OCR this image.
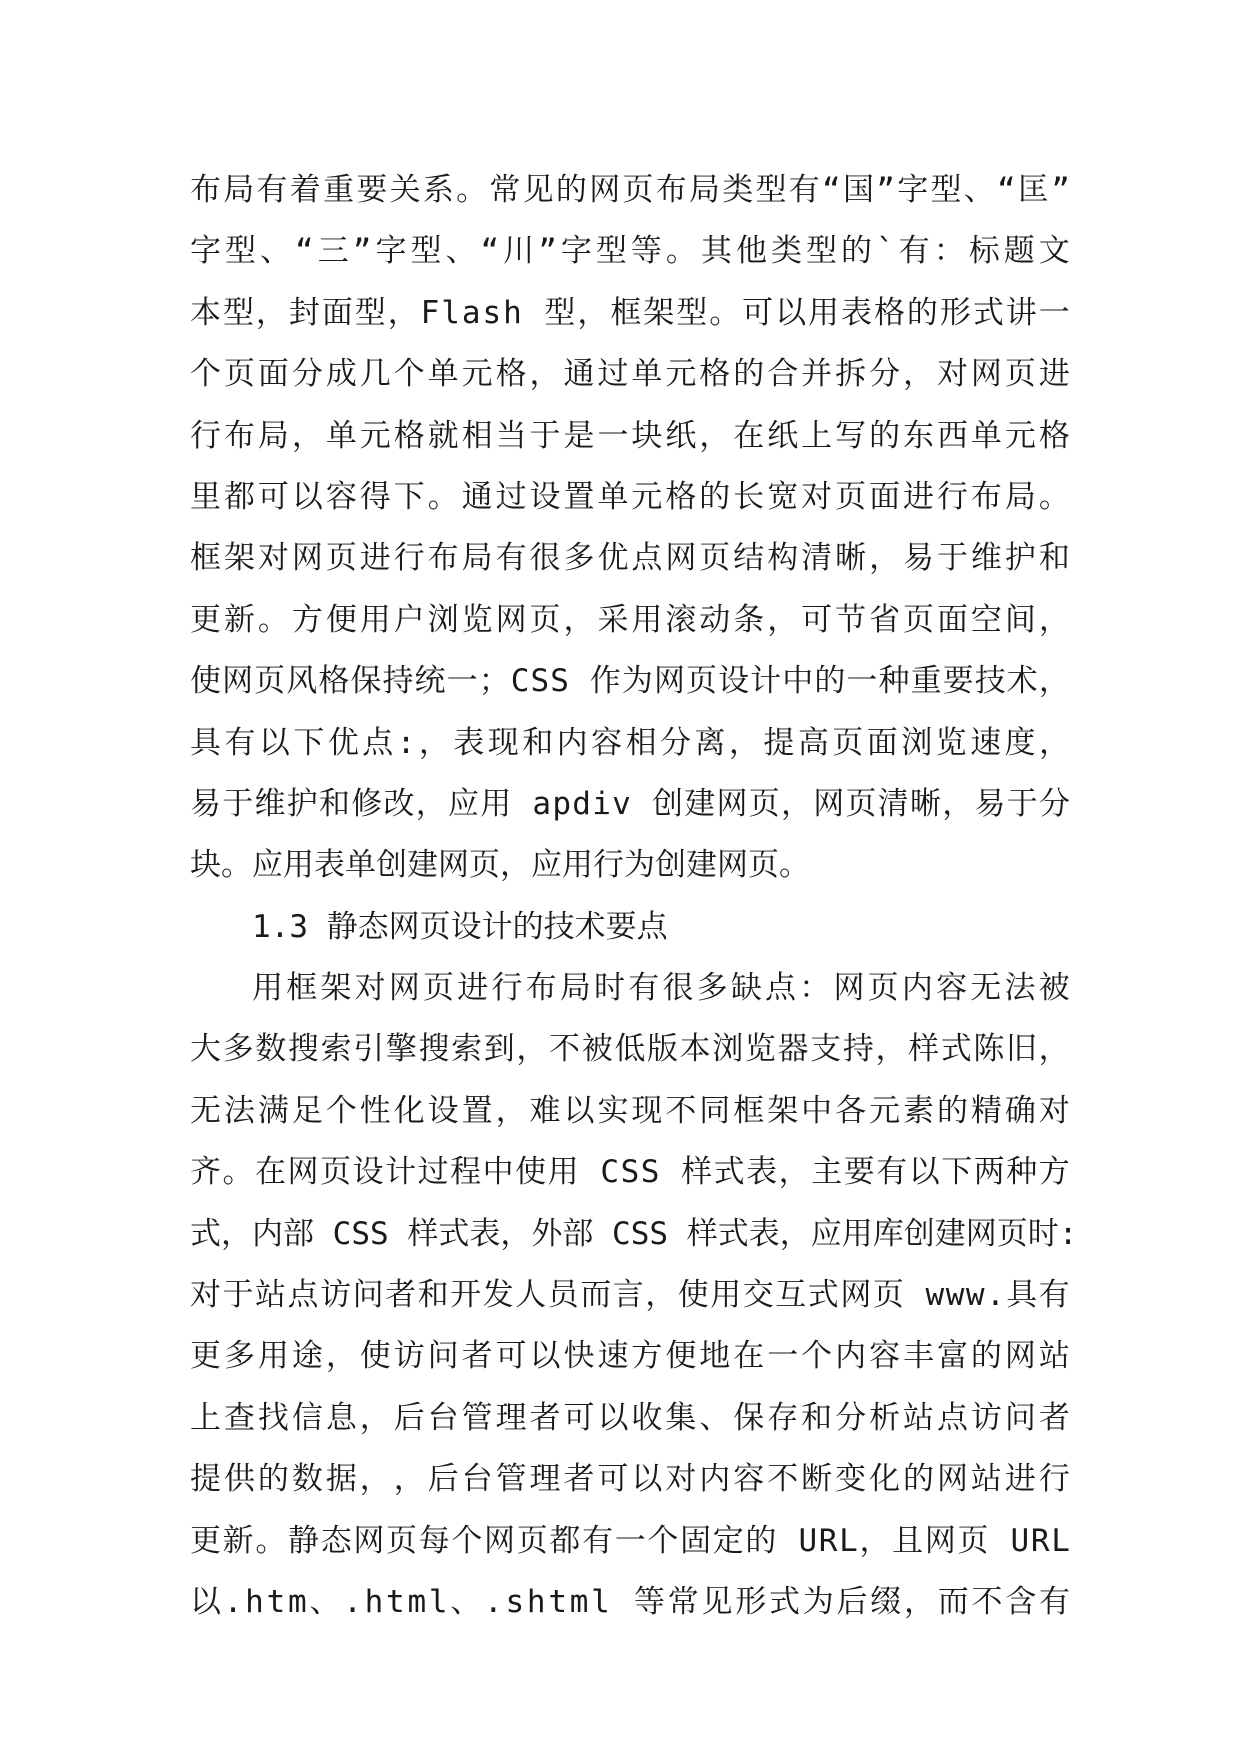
布 局 有 着 重 要 关 系 。 常 见 的 网 页 布 局 类 型 有 “ 国 ” 字 型 、 “ 匡 ”
字 型 、 “ 三 ” 字 型 、 “ 川 ” 字 型 等 。 其 他 类 型 的 ` 有 ： 标 题 文
本 型 ， 封 面 型 ， F l a s h
型 ， 框 架 型 。 可 以 用 表 格 的 形 式 讲 一
个 页 面 分 成 几 个 单 元 格 ， 通 过 单 元 格 的 合 并 拆 分 ， 对 网 页 进
行 布 局 ， 单 元 格 就 相 当 于 是 一 块 纸 ， 在 纸 上 写 的 东 西 单 元 格
里 都 可 以 容 得 下 。 通 过 设 置 单 元 格 的 长 宽 对 页 面 进 行 布 局 。
框 架 对 网 页 进 行 布 局 有 很 多 优 点 网 页 结 构 清 晰 ， 易 于 维 护 和
更 新 。 方 便 用 户 浏 览 网 页 ， 采 用 滚 动 条 ， 可 节 省 页 面 空 间 ，
使 网 页 风 格 保 持 统 一 ； C S S
作 为 网 页 设 计 中 的 一 种 重 要 技 术 ，
具 有 以 下 优 点 : ， 表 现 和 内 容 相 分 离 ， 提 高 页 面 浏 览 速 度 ，
易 于 维 护 和 修 改 ， 应 用
a p d i v
创 建 网 页 ， 网 页 清 晰 ， 易 于 分
块。应用表单创建网页，应用行为创建网页。
1.3 静态网页设计的技术要点
用 框 架 对 网 页 进 行 布 局 时 有 很 多 缺 点 ： 网 页 内 容 无 法 被
大 多 数 搜 索 引 擎 搜 索 到 ， 不 被 低 版 本 浏 览 器 支 持 ， 样 式 陈 旧 ，
无 法 满 足 个 性 化 设 置 ， 难 以 实 现 不 同 框 架 中 各 元 素 的 精 确 对
齐 。 在 网 页 设 计 过 程 中 使 用
C S S
样 式 表 ， 主 要 有 以 下 两 种 方
式 ， 内 部
C S S
样 式 表 ， 外 部
C S S
样 式 表 ， 应 用 库 创 建 网 页 时 :
对 于 站 点 访 问 者 和 开 发 人 员 而 言 ， 使 用 交 互 式 网 页
w w w . 具 有
更 多 用 途 ， 使 访 问 者 可 以 快 速 方 便 地 在 一 个 内 容 丰 富 的 网 站
上 查 找 信 息 ， 后 台 管 理 者 可 以 收 集 、 保 存 和 分 析 站 点 访 问 者
提 供 的 数 据 ， ， 后 台 管 理 者 可 以 对 内 容 不 断 变 化 的 网 站 进 行
更 新 。 静 态 网 页 每 个 网 页 都 有 一 个 固 定 的
U R L ， 且 网 页
U R L
以 . h t m 、 . h t m l 、 . s h t m l
等 常 见 形 式 为 后 缀 ， 而 不 含 有
